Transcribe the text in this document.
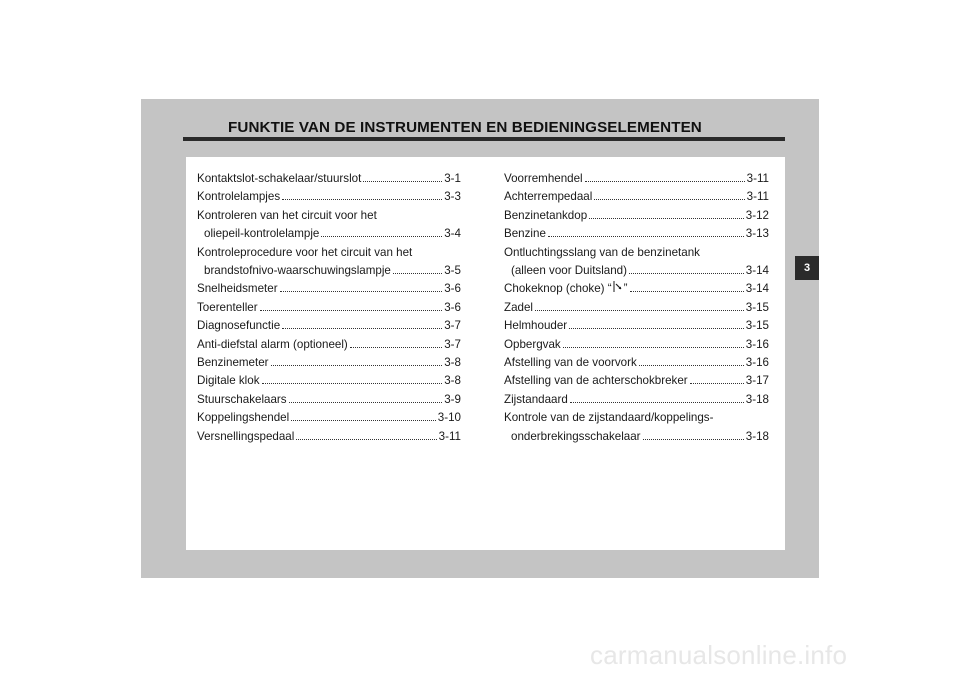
FUNKTIE VAN DE INSTRUMENTEN EN BEDIENINGSELEMENTEN
Kontaktslot-schakelaar/stuurslot	3-1
Kontrolelampjes	3-3
Kontroleren van het circuit voor het
oliepeil-kontrolelampje	3-4
Kontroleprocedure voor het circuit van het
brandstofnivo-waarschuwingslampje	3-5
Snelheidsmeter	3-6
Toerenteller	3-6
Diagnosefunctie	3-7
Anti-diefstal alarm (optioneel)	3-7
Benzinemeter	3-8
Digitale klok	3-8
Stuurschakelaars	3-9
Koppelingshendel	3-10
Versnellingspedaal	3-11
Voorremhendel	3-11
Achterrempedaal	3-11
Benzinetankdop	3-12
Benzine	3-13
Ontluchtingsslang van de benzinetank
(alleen voor Duitsland)	3-14
Chokeknop (choke) “ ”	3-14
Zadel	3-15
Helmhouder	3-15
Opbergvak	3-16
Afstelling van de voorvork	3-16
Afstelling van de achterschokbreker	3-17
Zijstandaard	3-18
Kontrole van de zijstandaard/koppelings-
onderbrekingsschakelaar	3-18
3
carmanualsonline.info
